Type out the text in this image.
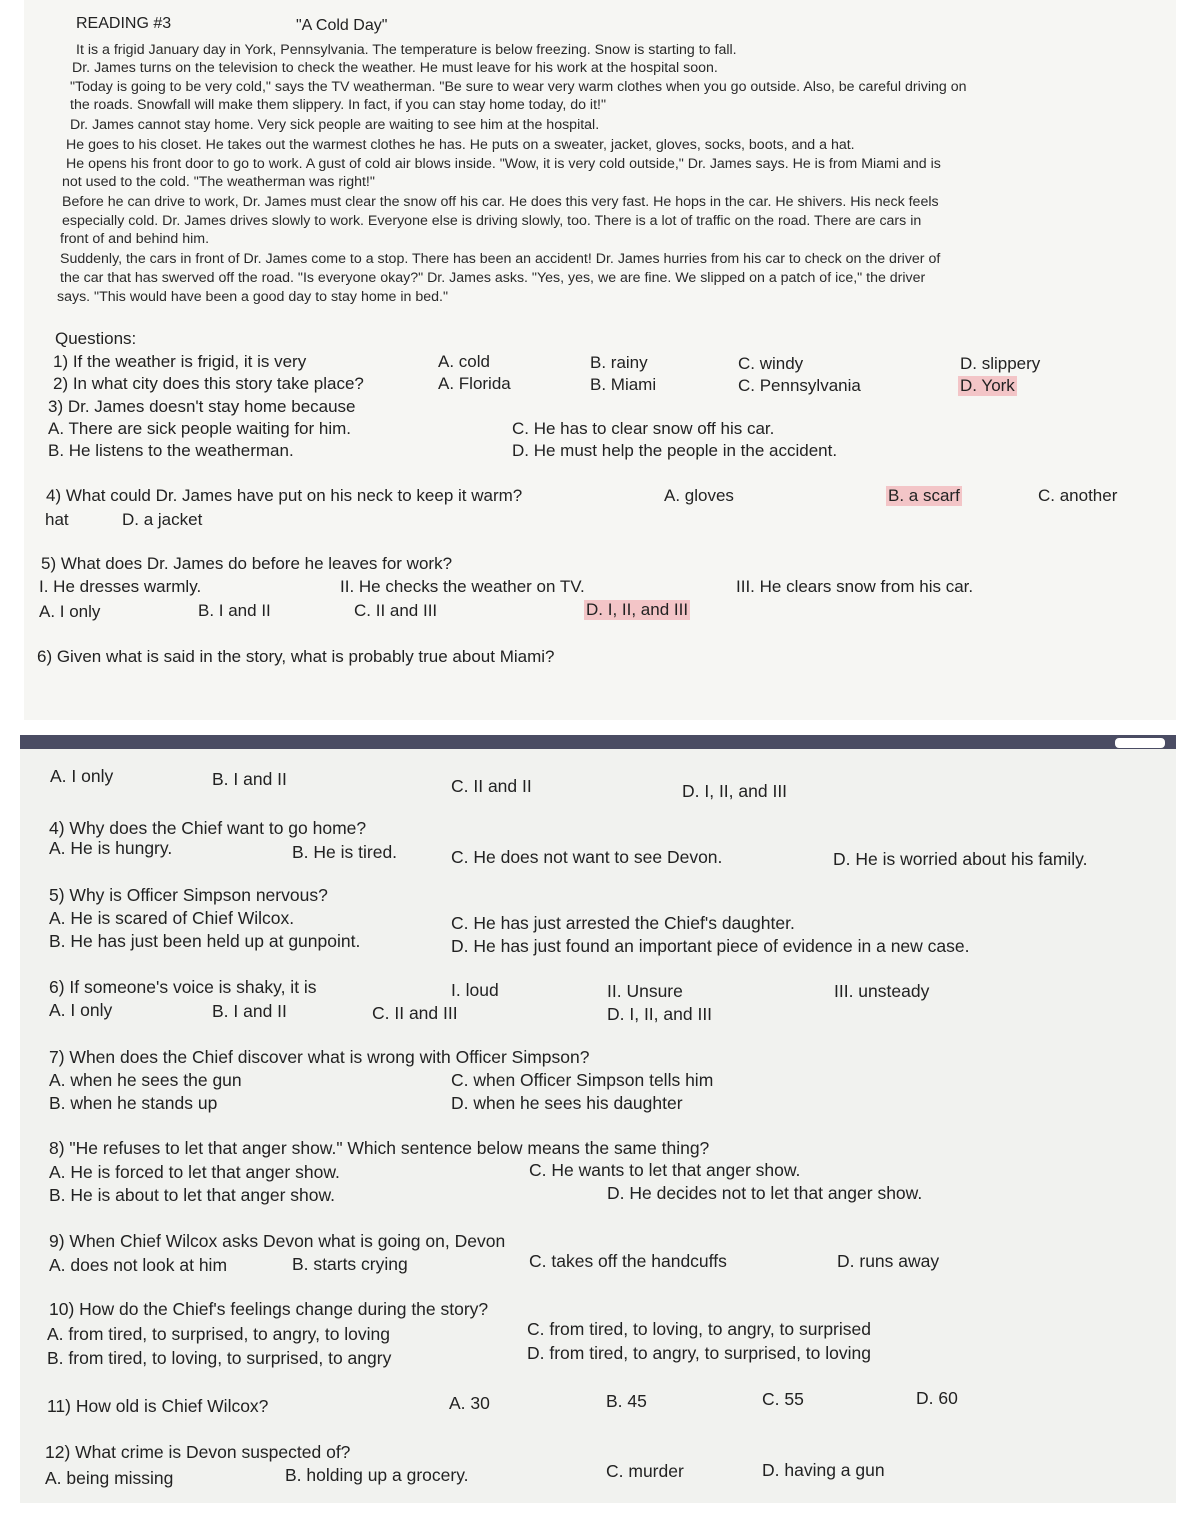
READING #3	"A Cold Day"
It is a frigid January day in York, Pennsylvania. The temperature is below freezing. Snow is starting to fall.
Dr. James turns on the television to check the weather. He must leave for his work at the hospital soon.
"Today is going to be very cold," says the TV weatherman. "Be sure to wear very warm clothes when you go outside. Also, be careful driving on
the roads. Snowfall will make them slippery. In fact, if you can stay home today, do it!"
Dr. James cannot stay home. Very sick people are waiting to see him at the hospital.
He goes to his closet. He takes out the warmest clothes he has. He puts on a sweater, jacket, gloves, socks, boots, and a hat.
He opens his front door to go to work. A gust of cold air blows inside. "Wow, it is very cold outside," Dr. James says. He is from Miami and is
not used to the cold. "The weatherman was right!"
Before he can drive to work, Dr. James must clear the snow off his car. He does this very fast. He hops in the car. He shivers. His neck feels
especially cold. Dr. James drives slowly to work. Everyone else is driving slowly, too. There is a lot of traffic on the road. There are cars in
front of and behind him.
Suddenly, the cars in front of Dr. James come to a stop. There has been an accident! Dr. James hurries from his car to check on the driver of
the car that has swerved off the road. "Is everyone okay?" Dr. James asks. "Yes, yes, we are fine. We slipped on a patch of ice," the driver
says. "This would have been a good day to stay home in bed."
Questions:
1) If the weather is frigid, it is very	A. cold	B. rainy	C. windy	D. slippery
2) In what city does this story take place?	A. Florida	B. Miami	C. Pennsylvania	D. York
3) Dr. James doesn't stay home because
A. There are sick people waiting for him.
B. He listens to the weatherman.
C. He has to clear snow off his car.
D. He must help the people in the accident.
4) What could Dr. James have put on his neck to keep it warm?	A. gloves	B. a scarf	C. another
hat	D. a jacket
5) What does Dr. James do before he leaves for work?
I. He dresses warmly.	II. He checks the weather on TV.	III. He clears snow from his car.
A. I only	B. I and II	C. II and III	D. I, II, and III
6) Given what is said in the story, what is probably true about Miami?
A. I only	B. I and II	C. II and II	D. I, II, and III
4) Why does the Chief want to go home?
A. He is hungry.	B. He is tired.	C. He does not want to see Devon.	D. He is worried about his family.
5) Why is Officer Simpson nervous?
A. He is scared of Chief Wilcox.
B. He has just been held up at gunpoint.
C. He has just arrested the Chief's daughter.
D. He has just found an important piece of evidence in a new case.
6) If someone's voice is shaky, it is	I. loud	II. Unsure	III. unsteady
A. I only	B. I and II	C. II and III	D. I, II, and III
7) When does the Chief discover what is wrong with Officer Simpson?
A. when he sees the gun
B. when he stands up
C. when Officer Simpson tells him
D. when he sees his daughter
8) "He refuses to let that anger show." Which sentence below means the same thing?
A. He is forced to let that anger show.
B. He is about to let that anger show.
C. He wants to let that anger show.
D. He decides not to let that anger show.
9) When Chief Wilcox asks Devon what is going on, Devon
A. does not look at him	B. starts crying	C. takes off the handcuffs	D. runs away
10) How do the Chief's feelings change during the story?
A. from tired, to surprised, to angry, to loving
B. from tired, to loving, to surprised, to angry
C. from tired, to loving, to angry, to surprised
D. from tired, to angry, to surprised, to loving
11) How old is Chief Wilcox?	A. 30	B. 45	C. 55	D. 60
12) What crime is Devon suspected of?
A. being missing	B. holding up a grocery.	C. murder	D. having a gun
